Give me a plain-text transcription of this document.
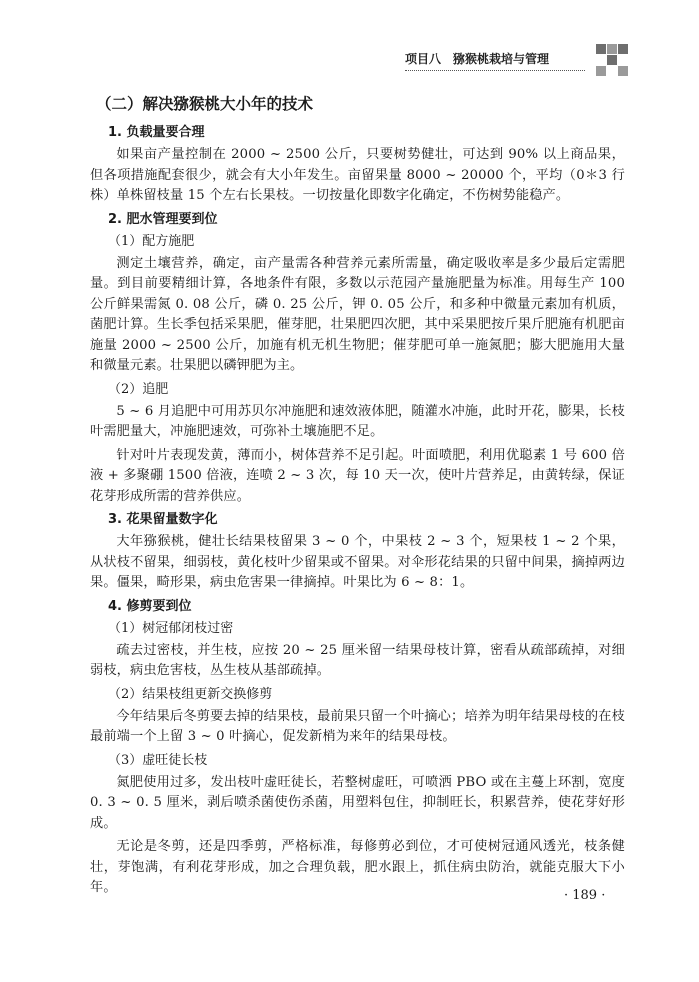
项目八　猕猴桃栽培与管理
（二）解决猕猴桃大小年的技术
1. 负载量要合理

如果亩产量控制在 2000 ~ 2500 公斤，只要树势健壮，可达到 90% 以上商品果，但各项措施配套很少，就会有大小年发生。亩留果量 8000 ~ 20000 个，平均（0＊3 行株）单株留枝量 15 个左右长果枝。一切按量化即数字化确定，不伤树势能稳产。

2. 肥水管理要到位
（1）配方施肥

测定土壤营养，确定，亩产量需各种营养元素所需量，确定吸收率是多少最后定需肥量。到目前要精细计算，各地条件有限，多数以示范园产量施肥量为标准。用每生产 100 公斤鲜果需氮 0. 08 公斤，磷 0. 25 公斤，钾 0. 05 公斤，和多种中微量元素加有机质，菌肥计算。生长季包括采果肥，催芽肥，壮果肥四次肥，其中采果肥按斤果斤肥施有机肥亩施量 2000 ~ 2500 公斤，加施有机无机生物肥；催芽肥可单一施氮肥；膨大肥施用大量和微量元素。壮果肥以磷钾肥为主。

（2）追肥

5 ~ 6 月追肥中可用苏贝尔冲施肥和速效液体肥，随灌水冲施，此时开花，膨果，长枝叶需肥量大，冲施肥速效，可弥补土壤施肥不足。

针对叶片表现发黄，薄而小，树体营养不足引起。叶面喷肥，利用优聪素 1 号 600 倍液 + 多聚硼 1500 倍液，连喷 2 ~ 3 次，每 10 天一次，使叶片营养足，由黄转绿，保证花芽形成所需的营养供应。

3. 花果留量数字化

大年猕猴桃，健壮长结果枝留果 3 ~ 0 个，中果枝 2 ~ 3 个，短果枝 1 ~ 2 个果，从状枝不留果，细弱枝，黄化枝叶少留果或不留果。对伞形花结果的只留中间果，摘掉两边果。僵果，畸形果，病虫危害果一律摘掉。叶果比为 6 ~ 8：1。

4. 修剪要到位
（1）树冠郁闭枝过密

疏去过密枝，并生枝，应按 20 ~ 25 厘米留一结果母枝计算，密看从疏部疏掉，对细弱枝，病虫危害枝，丛生枝从基部疏掉。

（2）结果枝组更新交换修剪

今年结果后冬剪要去掉的结果枝，最前果只留一个叶摘心；培养为明年结果母枝的在枝最前端一个上留 3 ~ 0 叶摘心，促发新梢为来年的结果母枝。

（3）虚旺徒长枝

氮肥使用过多，发出枝叶虚旺徒长，若整树虚旺，可喷洒 PBO 或在主蔓上环割，宽度 0. 3 ~ 0. 5 厘米，剥后喷杀菌使伤杀菌，用塑料包住，抑制旺长，积累营养，使花芽好形成。

无论是冬剪，还是四季剪，严格标准，每修剪必到位，才可使树冠通风透光，枝条健壮，芽饱满，有利花芽形成，加之合理负载，肥水跟上，抓住病虫防治，就能克服大下小年。

· 189 ·
